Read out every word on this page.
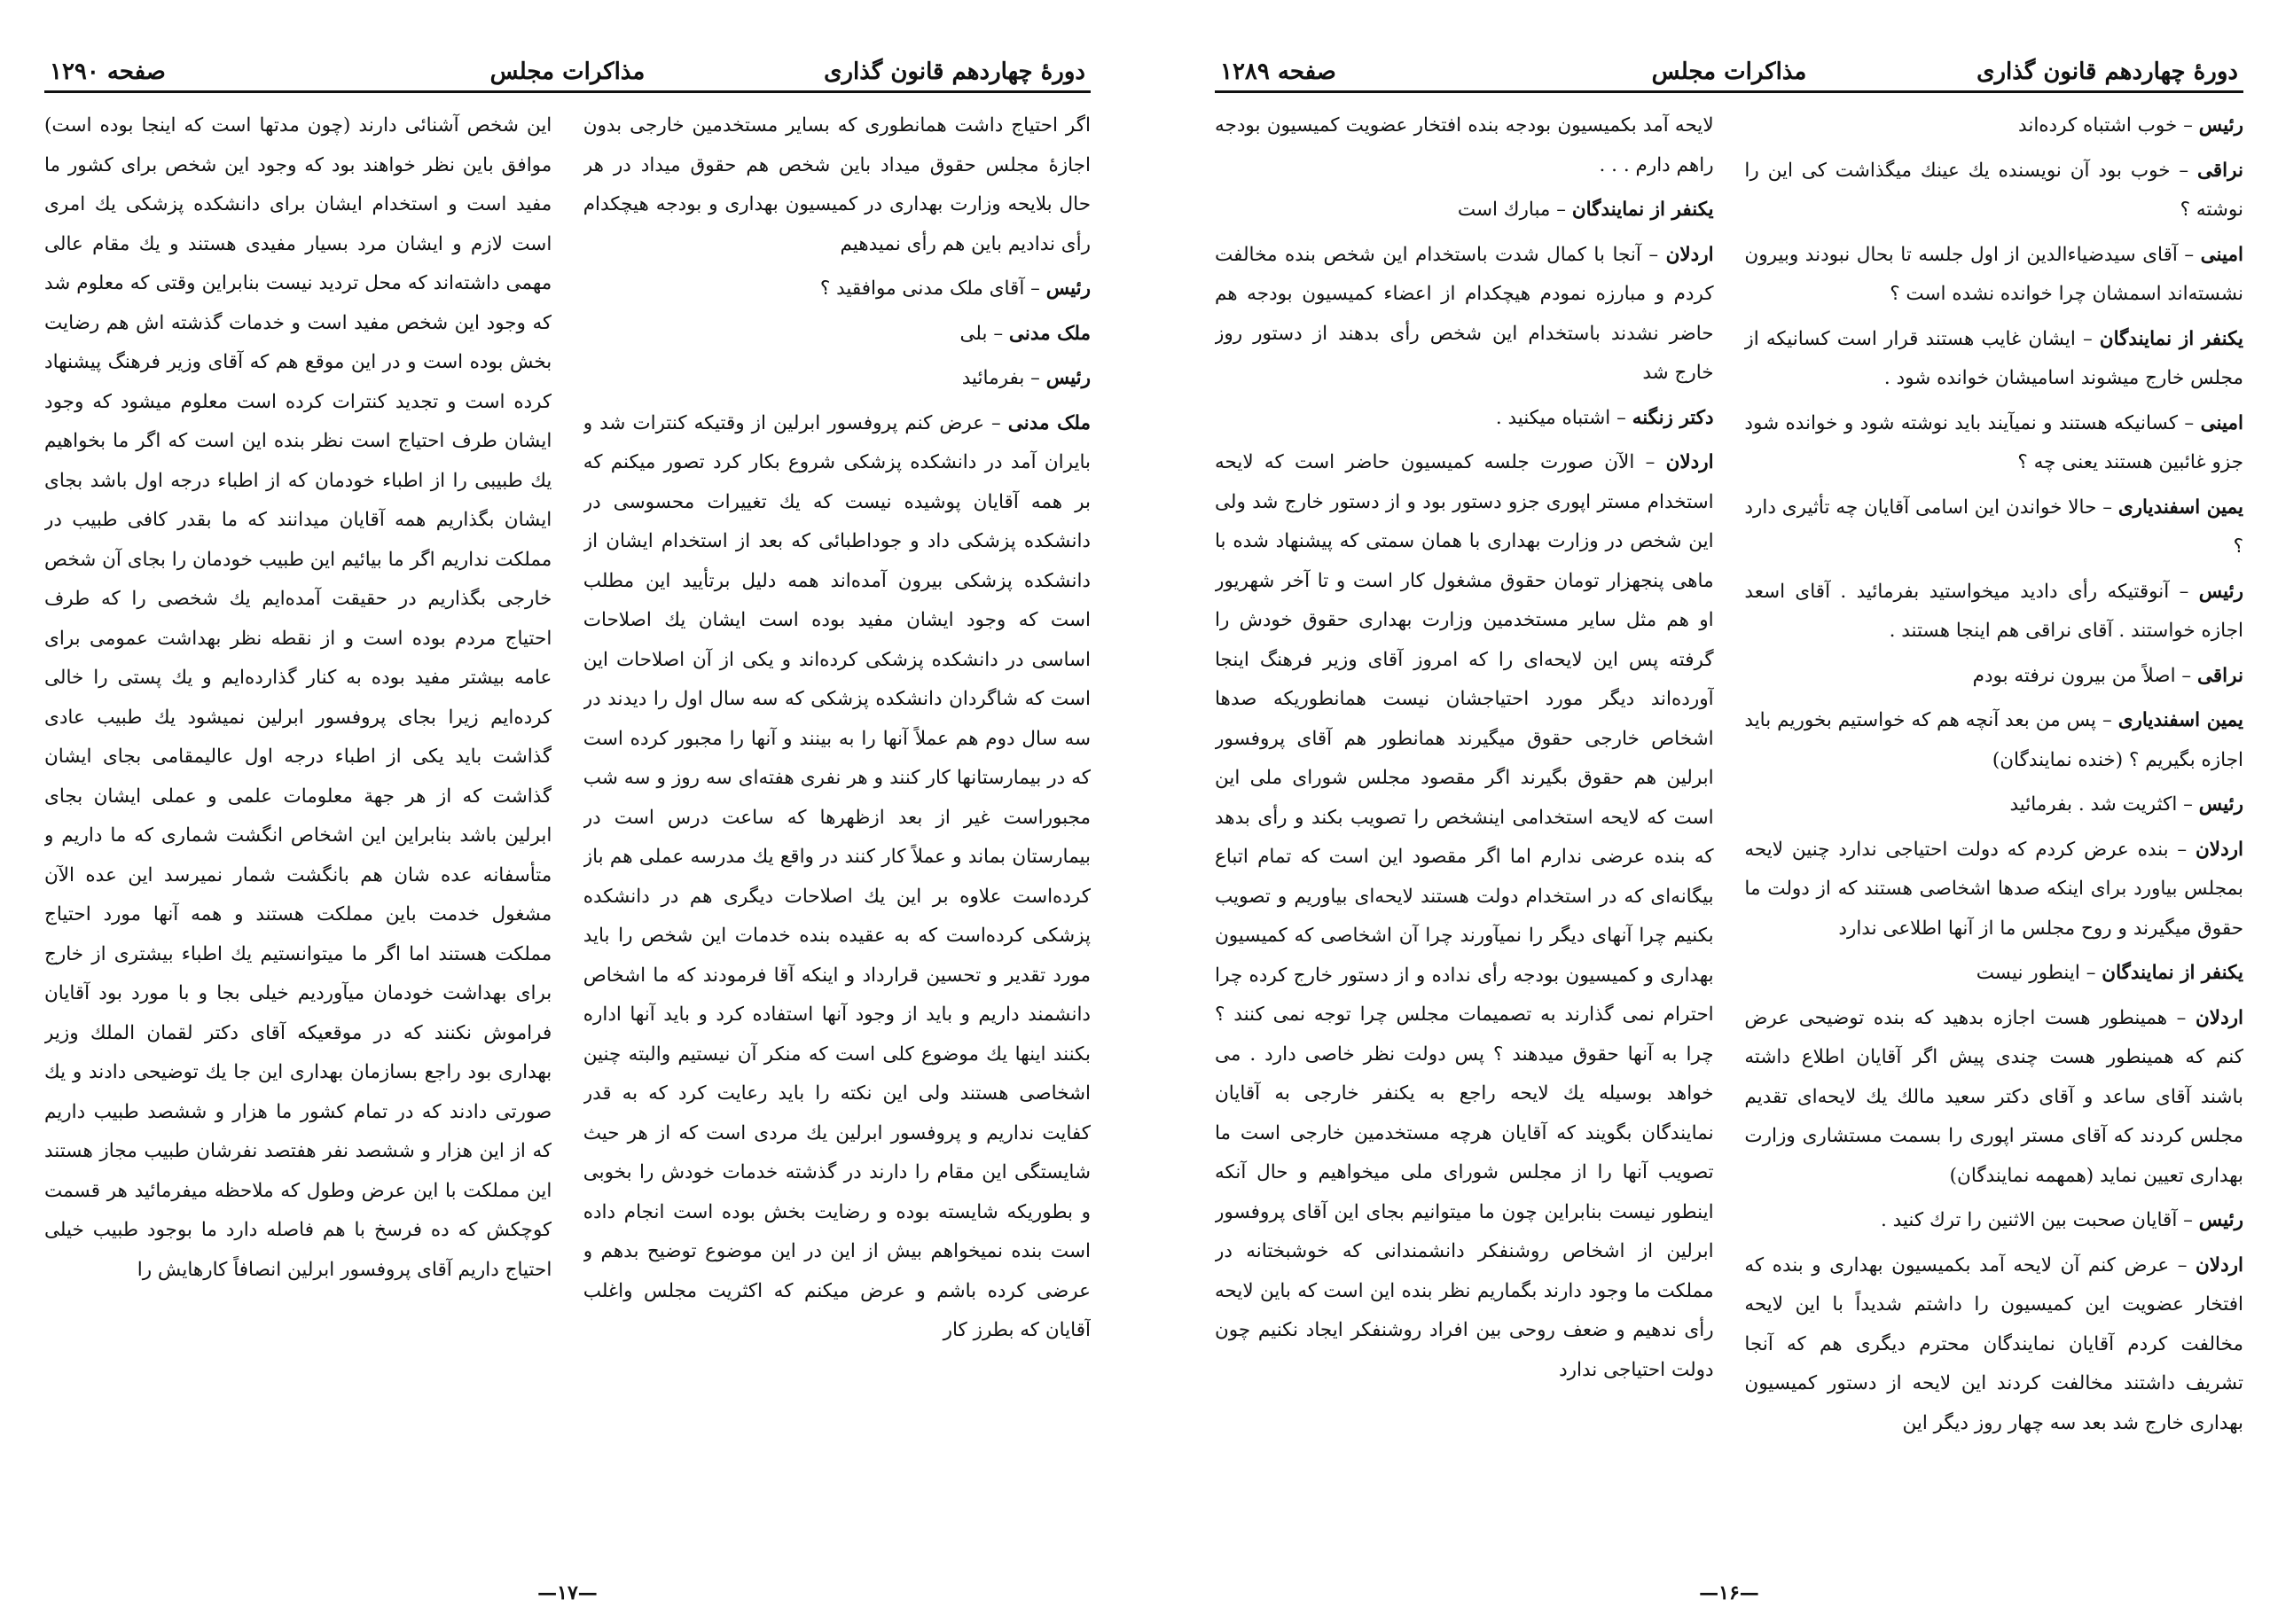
صفحه ۱۲۹۰	مذاکرات مجلس	دورهٔ چهاردهم قانون گذاری

این شخص آشنائی دارند (چون مدتها است که اینجا بوده است) موافق باین نظر خواهند بود که وجود این شخص برای کشور ما مفید است و استخدام ایشان برای دانشکده پزشکی یك امری است لازم و ایشان مرد بسیار مفیدی هستند و یك مقام عالی مهمی داشته‌اند که محل تردید نیست بنابراین وقتی که معلوم شد که وجود این شخص مفید است و خدمات گذشته اش هم رضایت بخش بوده است و در این موقع هم که آقای وزیر فرهنگ پیشنهاد کرده است و تجدید کنترات کرده است معلوم میشود که وجود ایشان طرف احتیاج است نظر بنده این است که اگر ما بخواهیم یك طبیبی را از اطباء خودمان که از اطباء درجه اول باشد بجای ایشان بگذاریم همه آقایان میدانند که ما بقدر کافی طبیب در مملکت نداریم اگر ما بیائیم این طبیب خودمان را بجای آن شخص خارجی بگذاریم در حقیقت آمده‌ایم یك شخصی را که طرف احتیاج مردم بوده است و از نقطه نظر بهداشت عمومی برای عامه بیشتر مفید بوده به کنار گذارده‌ایم و یك پستی را خالی کرده‌ایم زیرا بجای پروفسور ابرلین نمیشود یك طبیب عادی گذاشت باید یکی از اطباء درجه اول عالیمقامی بجای ایشان گذاشت که از هر جهة معلومات علمی و عملی ایشان بجای ابرلین باشد بنابراین این اشخاص انگشت شماری که ما داریم و متأسفانه عده شان هم بانگشت شمار نمیرسد این عده الآن مشغول خدمت باین مملکت هستند و همه آنها مورد احتیاج مملکت هستند اما اگر ما میتوانستیم یك اطباء بیشتری از خارج برای بهداشت خودمان میآوردیم خیلی بجا و با مورد بود آقایان فراموش نکنند که در موقعیکه آقای دکتر لقمان الملك وزیر بهداری بود راجع بسازمان بهداری این جا یك توضیحی دادند و یك صورتی دادند که در تمام کشور ما هزار و ششصد طبیب داریم که از این هزار و ششصد نفر هفتصد نفرشان طبیب مجاز هستند این مملکت با این عرض وطول که ملاحظه میفرمائید هر قسمت کوچکش که ده فرسخ با هم فاصله دارد ما بوجود طبیب خیلی احتیاج داریم آقای پروفسور ابرلین انصافاً کارهایش را

اگر احتیاج داشت همانطوری که بسایر مستخدمین خارجی بدون اجازهٔ مجلس حقوق میداد باین شخص هم حقوق میداد در هر حال بلایحه وزارت بهداری در کمیسیون بهداری و بودجه هیچکدام رأی ندادیم باین هم رأی نمیدهیم

رئیس – آقای ملک مدنی موافقید ؟

ملک مدنی – بلی

رئیس – بفرمائید

ملک مدنی – عرض کنم پروفسور ابرلین از وقتیکه کنترات شد و بایران آمد در دانشکده پزشکی شروع بکار کرد تصور میکنم که بر همه آقایان پوشیده نیست که یك تغییرات محسوسی در دانشکده پزشکی داد و جوداطبائی که بعد از استخدام ایشان از دانشکده پزشکی بیرون آمده‌اند همه دلیل برتأیید این مطلب است که وجود ایشان مفید بوده است ایشان یك اصلاحات اساسی در دانشکده پزشکی کرده‌اند و یکی از آن اصلاحات این است که شاگردان دانشکده پزشکی که سه سال اول را دیدند در سه سال دوم هم عملاً آنها را به بینند و آنها را مجبور کرده است که در بیمارستانها کار کنند و هر نفری هفته‌ای سه روز و سه شب مجبوراست غیر از بعد ازظهرها که ساعت درس است در بیمارستان بماند و عملاً کار کنند در واقع یك مدرسه عملی هم باز کرده‌است علاوه بر این یك اصلاحات دیگری هم در دانشکده پزشکی کرده‌است که به عقیده بنده خدمات این شخص را باید مورد تقدیر و تحسین قرارداد و اینکه آقا فرمودند که ما اشخاص دانشمند داریم و باید از وجود آنها استفاده کرد و باید آنها اداره بکنند اینها یك موضوع کلی است که منکر آن نیستیم والبته چنین اشخاصی هستند ولی این نکته را باید رعایت کرد که به قدر کفایت نداریم و پروفسور ابرلین یك مردی است که از هر حیث شایستگی این مقام را دارند در گذشته خدمات خودش را بخوبی و بطوریکه شایسته بوده و رضایت بخش بوده است انجام داده است بنده نمیخواهم بیش از این در این موضوع توضیح بدهم و عرضی کرده باشم و عرض میکنم که اکثریت مجلس واغلب آقایان که بطرز کار

—۱۷—
صفحه ۱۲۸۹	مذاکرات مجلس	دورهٔ چهاردهم قانون گذاری

لایحه آمد بکمیسیون بودجه بنده افتخار عضویت کمیسیون بودجه راهم دارم . . .

یکنفر از نمایندگان – مبارك است

اردلان – آنجا با کمال شدت باستخدام این شخص بنده مخالفت کردم و مبارزه نمودم هیچکدام از اعضاء کمیسیون بودجه هم حاضر نشدند باستخدام این شخص رأی بدهند از دستور روز خارج شد

دکتر زنگنه – اشتباه میکنید .

اردلان – الآن صورت جلسه کمیسیون حاضر است که لایحه استخدام مستر اپوری جزو دستور بود و از دستور خارج شد ولی این شخص در وزارت بهداری با همان سمتی که پیشنهاد شده با ماهی پنجهزار تومان حقوق مشغول کار است و تا آخر شهریور او هم مثل سایر مستخدمین وزارت بهداری حقوق خودش را گرفته پس این لایحه‌ای را که امروز آقای وزیر فرهنگ اینجا آورده‌اند دیگر مورد احتیاجشان نیست همانطوریکه صدها اشخاص خارجی حقوق میگیرند همانطور هم آقای پروفسور ابرلین هم حقوق بگیرند اگر مقصود مجلس شورای ملی این است که لایحه استخدامی اینشخص را تصویب بکند و رأی بدهد که بنده عرضی ندارم اما اگر مقصود این است که تمام اتباع بیگانه‌ای که در استخدام دولت هستند لایحه‌ای بیاوریم و تصویب بکنیم چرا آنهای دیگر را نمیآورند چرا آن اشخاصی که کمیسیون بهداری و کمیسیون بودجه رأی نداده و از دستور خارج کرده چرا احترام نمی گذارند به تصمیمات مجلس چرا توجه نمی کنند ؟ چرا به آنها حقوق میدهند ؟ پس دولت نظر خاصی دارد . می خواهد بوسیله یك لایحه راجع به یکنفر خارجی به آقایان نمایندگان بگویند که آقایان هرچه مستخدمین خارجی است ما تصویب آنها را از مجلس شورای ملی میخواهیم و حال آنکه اینطور نیست بنابراین چون ما میتوانیم بجای این آقای پروفسور ابرلین از اشخاص روشنفکر دانشمندانی که خوشبختانه در مملکت ما وجود دارند بگماریم نظر بنده این است که باین لایحه رأی ندهیم و ضعف روحی بین افراد روشنفکر ایجاد نکنیم چون دولت احتیاجی ندارد

رئیس – خوب اشتباه کرده‌اند

نراقی – خوب بود آن نویسنده یك عینك میگذاشت کی این را نوشته ؟

امینی – آقای سیدضیاءالدین از اول جلسه تا بحال نبودند وبیرون نشسته‌اند اسمشان چرا خوانده نشده است ؟

یکنفر از نمایندگان – ایشان غایب هستند قرار است کسانیکه از مجلس خارج میشوند اسامیشان خوانده شود .

امینی – کسانیکه هستند و نمیآیند باید نوشته شود و خوانده شود جزو غائبین هستند یعنی چه ؟

یمین اسفندیاری – حالا خواندن این اسامی آقایان چه تأثیری دارد ؟

رئیس – آنوقتیکه رأی دادید میخواستید بفرمائید . آقای اسعد اجازه خواستند . آقای نراقی هم اینجا هستند .

نراقی – اصلاً من بیرون نرفته بودم

یمین اسفندیاری – پس من بعد آنچه هم که خواستیم بخوریم باید اجازه بگیریم ؟ (خنده نمایندگان)

رئیس – اکثریت شد . بفرمائید

اردلان – بنده عرض کردم که دولت احتیاجی ندارد چنین لایحه بمجلس بیاورد برای اینکه صدها اشخاصی هستند که از دولت ما حقوق میگیرند و روح مجلس ما از آنها اطلاعی ندارد

یکنفر از نمایندگان – اینطور نیست

اردلان – همینطور هست اجازه بدهید که بنده توضیحی عرض کنم که همینطور هست چندی پیش اگر آقایان اطلاع داشته باشند آقای ساعد و آقای دکتر سعید مالك یك لایحه‌ای تقدیم مجلس کردند که آقای مستر اپوری را بسمت مستشاری وزارت بهداری تعیین نماید (همهمه نمایندگان)

رئیس – آقایان صحبت بین الاثنین را ترك کنید .

اردلان – عرض کنم آن لایحه آمد بکمیسیون بهداری و بنده که افتخار عضویت این کمیسیون را داشتم شدیداً با این لایحه مخالفت کردم آقایان نمایندگان محترم دیگری هم که آنجا تشریف داشتند مخالفت کردند این لایحه از دستور کمیسیون بهداری خارج شد بعد سه چهار روز دیگر این

—۱۶—
